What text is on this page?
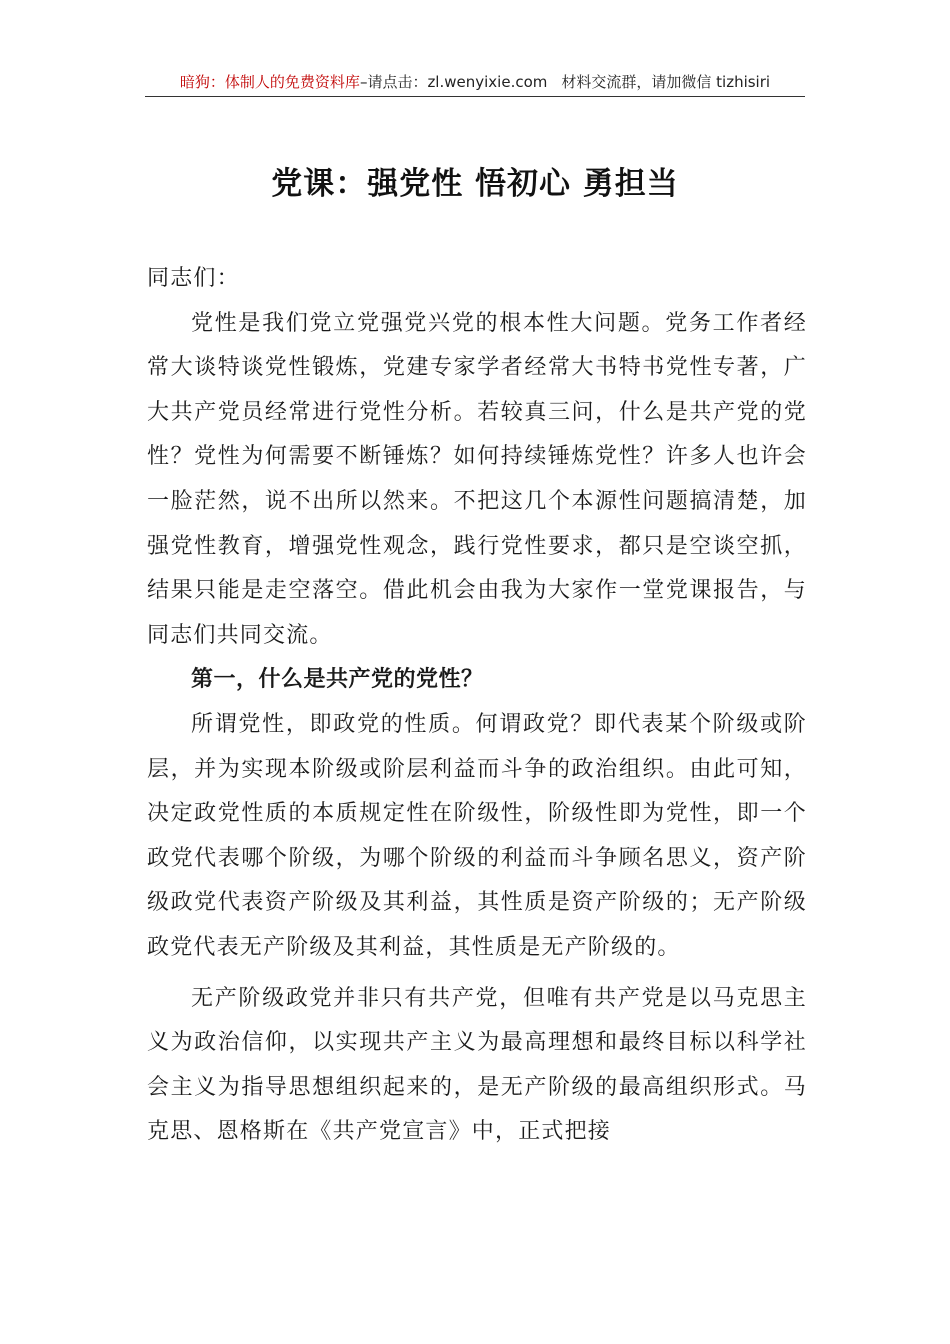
暗狗：体制人的免费资料库 –请点击：zl.wenyixie.com 材料交流群，请加微信 tizhisiri
党课：强党性 悟初心 勇担当

同志们：

党性是我们党立党强党兴党的根本性大问题。党务工作者经常大谈特谈党性锻炼，党建专家学者经常大书特书党性专著，广大共产党员经常进行党性分析。若较真三问，什么是共产党的党性？党性为何需要不断锤炼？如何持续锤炼党性？许多人也许会一脸茫然，说不出所以然来。不把这几个本源性问题搞清楚，加强党性教育，增强党性观念，践行党性要求，都只是空谈空抓，结果只能是走空落空。借此机会由我为大家作一堂党课报告，与同志们共同交流。

第一，什么是共产党的党性？

所谓党性，即政党的性质。何谓政党？即代表某个阶级或阶层，并为实现本阶级或阶层利益而斗争的政治组织。由此可知，决定政党性质的本质规定性在阶级性，阶级性即为党性，即一个政党代表哪个阶级，为哪个阶级的利益而斗争顾名思义，资产阶级政党代表资产阶级及其利益，其性质是资产阶级的；无产阶级政党代表无产阶级及其利益，其性质是无产阶级的。

无产阶级政党并非只有共产党，但唯有共产党是以马克思主义为政治信仰，以实现共产主义为最高理想和最终目标以科学社会主义为指导思想组织起来的，是无产阶级的最高组织形式。马克思、恩格斯在《共产党宣言》中，正式把接
